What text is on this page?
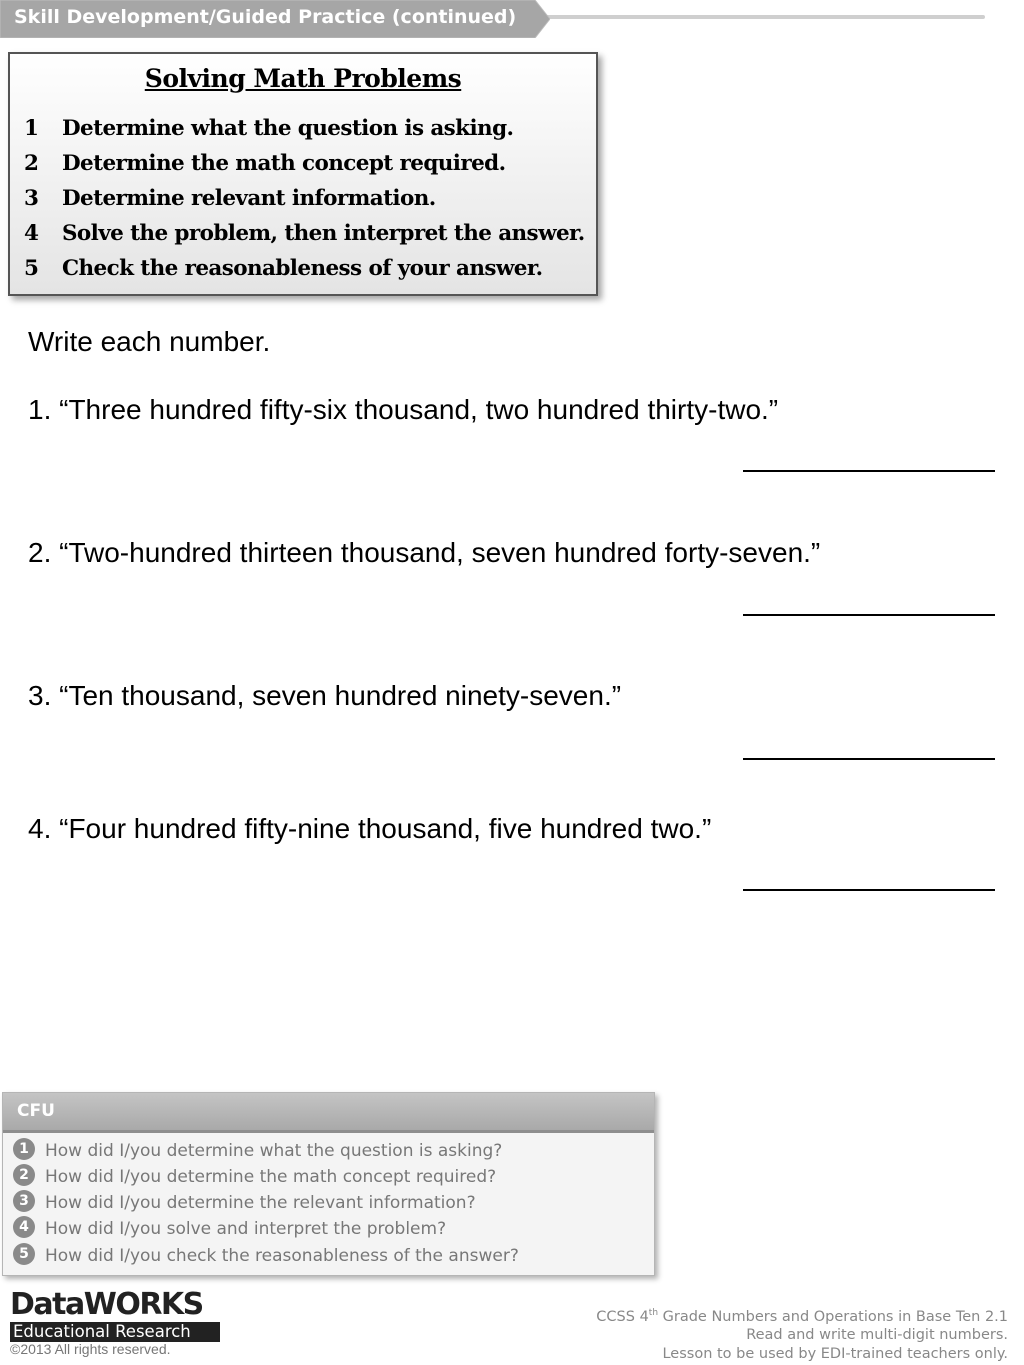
Skill Development/Guided Practice (continued)
Solving Math Problems
1 Determine what the question is asking.
2 Determine the math concept required.
3 Determine relevant information.
4 Solve the problem, then interpret the answer.
5 Check the reasonableness of your answer.
Write each number.
1. “Three hundred fifty-six thousand, two hundred thirty-two.”
2. “Two-hundred thirteen thousand, seven hundred forty-seven.”
3. “Ten thousand, seven hundred ninety-seven.”
4. “Four hundred fifty-nine thousand, five hundred two.”
CFU
1 How did I/you determine what the question is asking?
2 How did I/you determine the math concept required?
3 How did I/you determine the relevant information?
4 How did I/you solve and interpret the problem?
5 How did I/you check the reasonableness of the answer?
DataWORKS
Educational Research
©2013 All rights reserved.
CCSS 4th Grade Numbers and Operations in Base Ten 2.1
Read and write multi-digit numbers.
Lesson to be used by EDI-trained teachers only.
